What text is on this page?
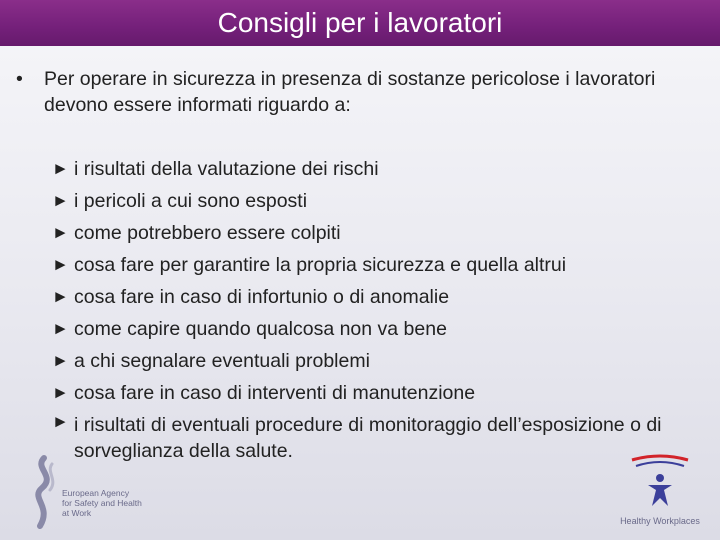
Consigli per i lavoratori
•	Per operare in sicurezza in presenza di sostanze pericolose i lavoratori devono essere informati riguardo a:
► i risultati della valutazione dei rischi
► i pericoli a cui sono esposti
► come potrebbero essere colpiti
► cosa fare per garantire la propria sicurezza e quella altrui
► cosa fare in caso di infortunio o di anomalie
► come capire quando qualcosa non va bene
► a chi segnalare eventuali problemi
► cosa fare in caso di interventi di manutenzione
► i risultati di eventuali procedure di monitoraggio dell’esposizione o di sorveglianza della salute.
European Agency
for Safety and Health
at Work
Healthy Workplaces
